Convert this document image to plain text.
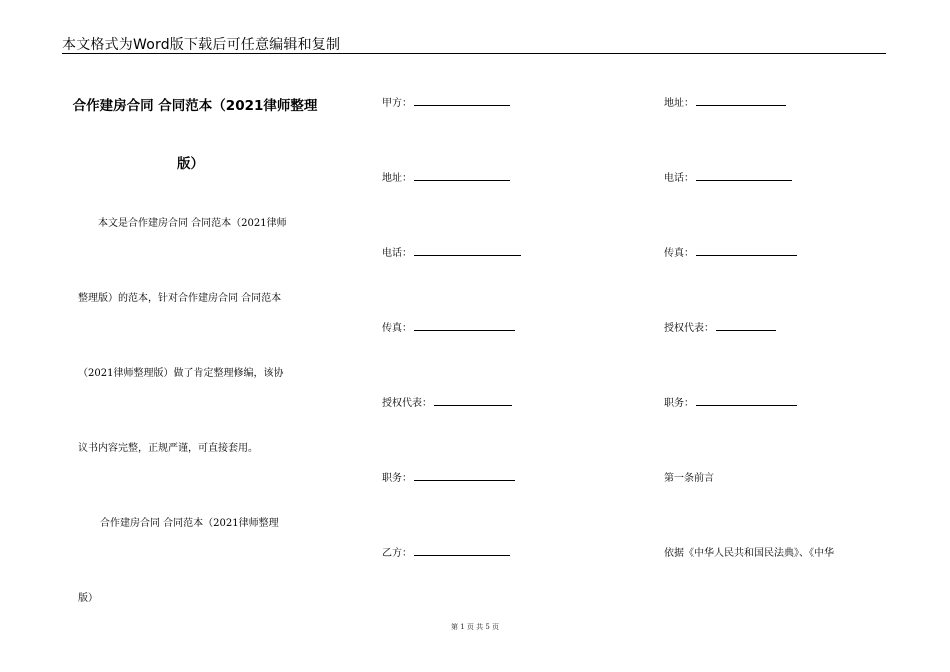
本文格式为Word版下载后可任意编辑和复制
合作建房合同 合同范本（2021律师整理
版）
本文是合作建房合同 合同范本（2021律师
整理版）的范本，针对合作建房合同 合同范本
（2021律师整理版）做了肯定整理修编，该协
议书内容完整，正规严谨，可直接套用。
合作建房合同 合同范本（2021律师整理
版）
甲方：
地址：
电话：
传真：
授权代表：
职务：
乙方：
地址：
电话：
传真：
授权代表：
职务：
第一条前言
依据《中华人民共和国民法典》、《中华
第 1 页 共 5 页
